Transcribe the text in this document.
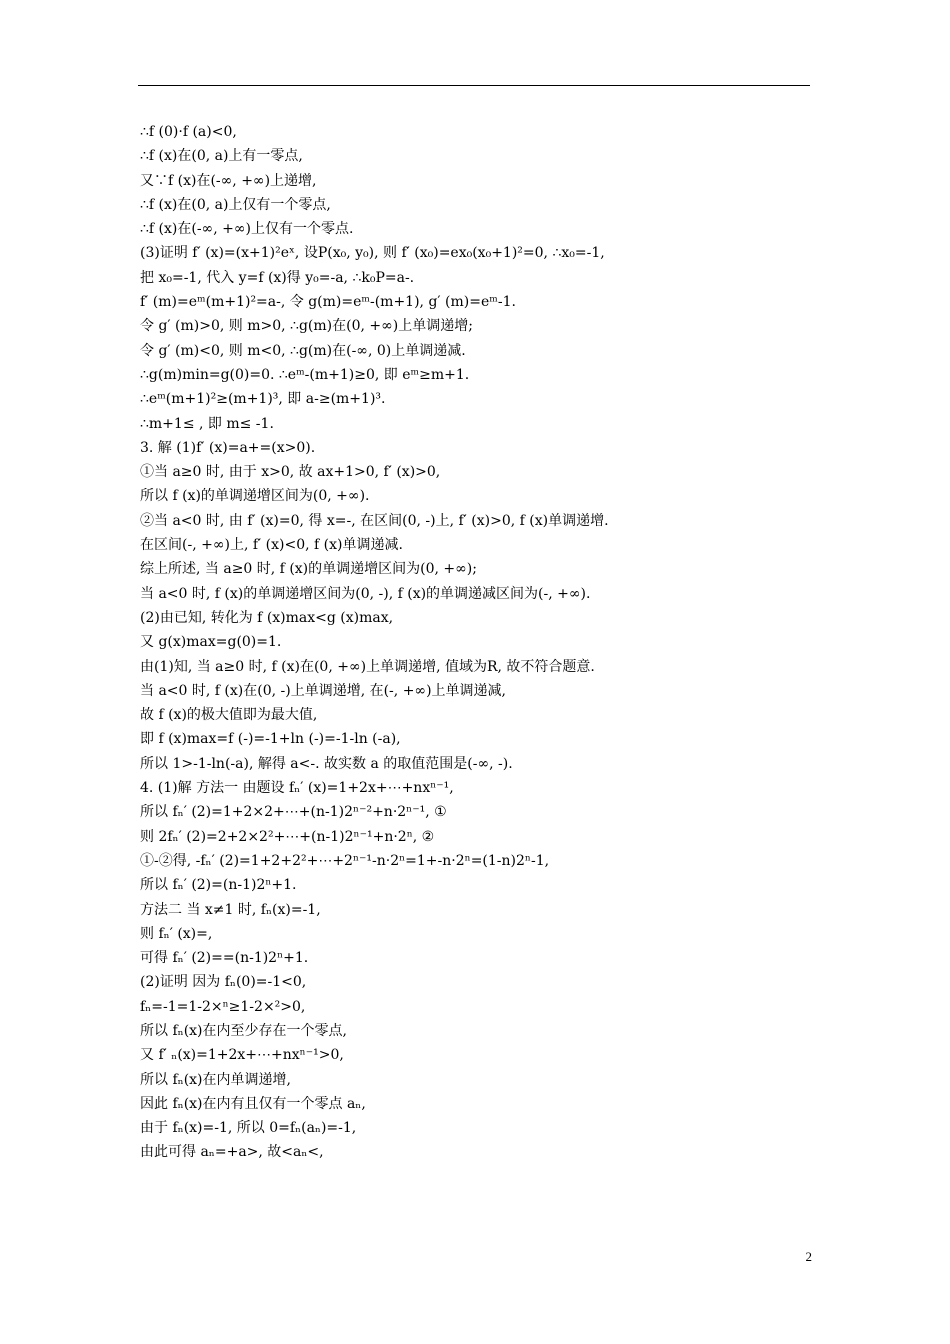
∴f (0)·f (a)<0,
∴f (x)在(0, a)上有一零点,
又∵f (x)在(-∞, +∞)上递增,
∴f (x)在(0, a)上仅有一个零点,
∴f (x)在(-∞, +∞)上仅有一个零点.
(3)证明 f′ (x)=(x+1)²eˣ, 设P(x₀, y₀), 则 f′ (x₀)=ex₀(x₀+1)²=0, ∴x₀=-1,
把 x₀=-1, 代入 y=f (x)得 y₀=-a, ∴k₀P=a-.
f′ (m)=eᵐ(m+1)²=a-, 令 g(m)=eᵐ-(m+1), g′ (m)=eᵐ-1.
令 g′ (m)>0, 则 m>0, ∴g(m)在(0, +∞)上单调递增;
令 g′ (m)<0, 则 m<0, ∴g(m)在(-∞, 0)上单调递减.
∴g(m)min=g(0)=0. ∴eᵐ-(m+1)≥0, 即 eᵐ≥m+1.
∴eᵐ(m+1)²≥(m+1)³, 即 a-≥(m+1)³.
∴m+1≤ , 即 m≤ -1.
3. 解 (1)f′ (x)=a+=(x>0).
①当 a≥0 时, 由于 x>0, 故 ax+1>0, f′ (x)>0,
所以 f (x)的单调递增区间为(0, +∞).
②当 a<0 时, 由 f′ (x)=0, 得 x=-, 在区间(0, -)上, f′ (x)>0, f (x)单调递增.
在区间(-, +∞)上, f′ (x)<0, f (x)单调递减.
综上所述, 当 a≥0 时, f (x)的单调递增区间为(0, +∞);
当 a<0 时, f (x)的单调递增区间为(0, -), f (x)的单调递减区间为(-, +∞).
(2)由已知, 转化为 f (x)max<g (x)max,
又 g(x)max=g(0)=1.
由(1)知, 当 a≥0 时, f (x)在(0, +∞)上单调递增, 值域为R, 故不符合题意.
当 a<0 时, f (x)在(0, -)上单调递增, 在(-, +∞)上单调递减,
故 f (x)的极大值即为最大值,
即 f (x)max=f (-)=-1+ln (-)=-1-ln (-a),
所以 1>-1-ln(-a), 解得 a<-. 故实数 a 的取值范围是(-∞, -).
4. (1)解 方法一 由题设 fₙ′ (x)=1+2x+⋯+nxⁿ⁻¹,
所以 fₙ′ (2)=1+2×2+⋯+(n-1)2ⁿ⁻²+n·2ⁿ⁻¹, ①
则 2fₙ′ (2)=2+2×2²+⋯+(n-1)2ⁿ⁻¹+n·2ⁿ, ②
①-②得, -fₙ′ (2)=1+2+2²+⋯+2ⁿ⁻¹-n·2ⁿ=1+-n·2ⁿ=(1-n)2ⁿ-1,
所以 fₙ′ (2)=(n-1)2ⁿ+1.
方法二 当 x≠1 时, fₙ(x)=-1,
则 fₙ′ (x)=,
可得 fₙ′ (2)==(n-1)2ⁿ+1.
(2)证明 因为 fₙ(0)=-1<0,
fₙ=-1=1-2×ⁿ≥1-2×²>0,
所以 fₙ(x)在内至少存在一个零点,
又 f′ ₙ(x)=1+2x+⋯+nxⁿ⁻¹>0,
所以 fₙ(x)在内单调递增,
因此 fₙ(x)在内有且仅有一个零点 aₙ,
由于 fₙ(x)=-1, 所以 0=fₙ(aₙ)=-1,
由此可得 aₙ=+a>, 故<aₙ<,
2
